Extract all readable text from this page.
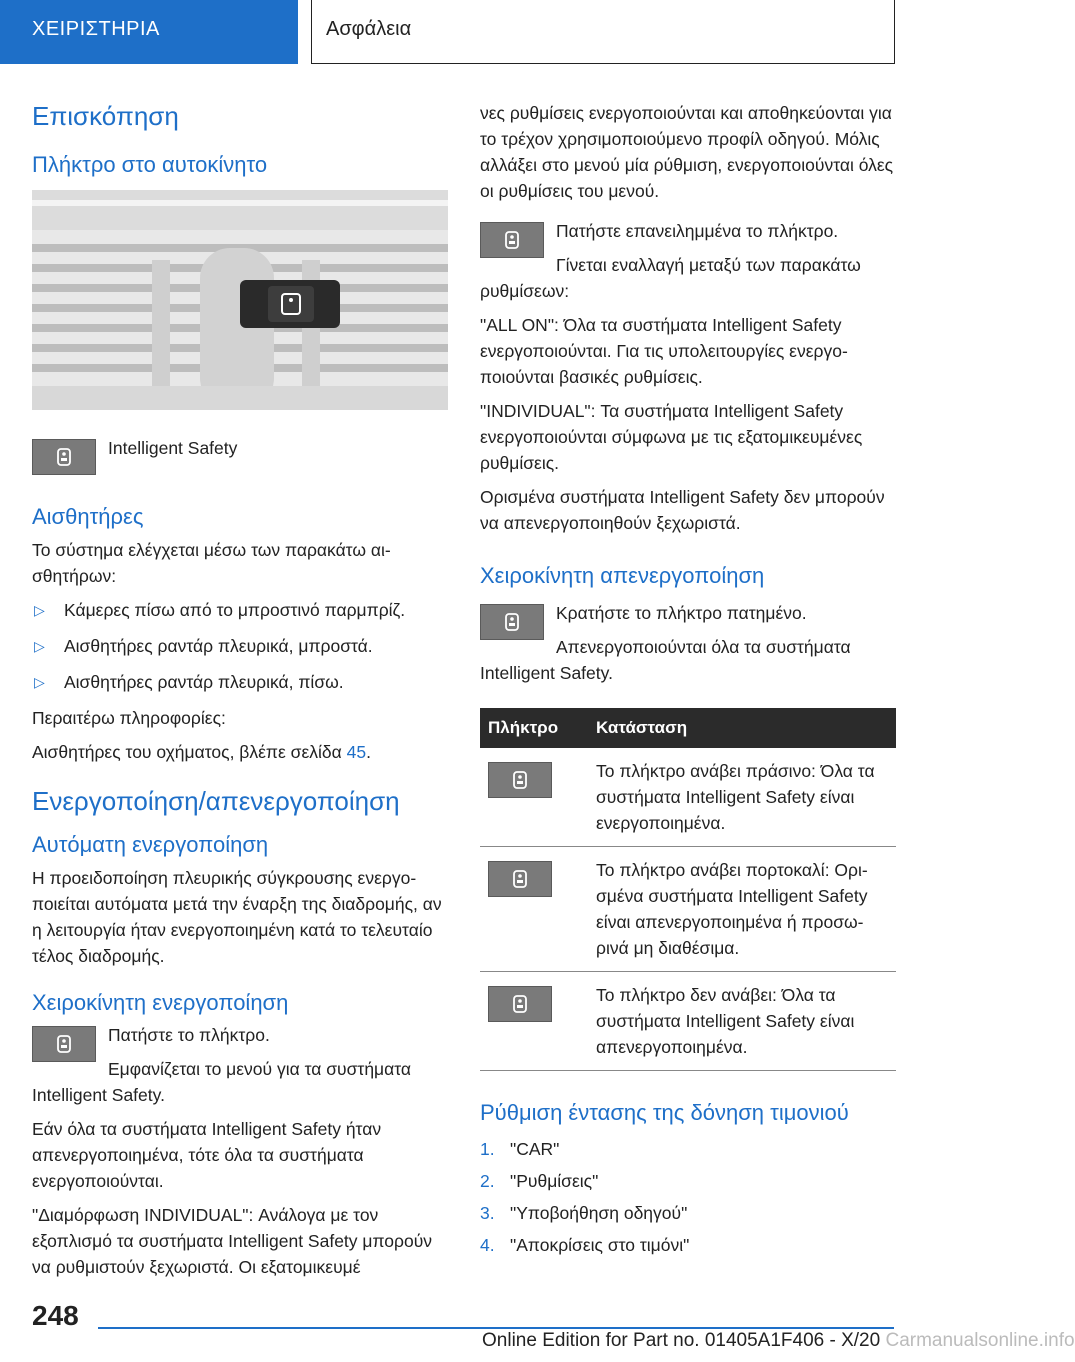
ΧΕΙΡΙΣΤΗΡΙΑ	Ασφάλεια
Επισκόπηση
Πλήκτρο στο αυτοκίνητο

Intelligent Safety

Αισθητήρες

Το σύστημα ελέγχεται μέσω των παρακάτω αισθητήρων:

▷ Κάμερες πίσω από το μπροστινό παρμπρίζ.
▷ Αισθητήρες ραντάρ πλευρικά, μπροστά.
▷ Αισθητήρες ραντάρ πλευρικά, πίσω.

Περαιτέρω πληροφορίες:

Αισθητήρες του οχήματος, βλέπε σελίδα 45.

Ενεργοποίηση/απενεργοποίηση
Αυτόματη ενεργοποίηση

Η προειδοποίηση πλευρικής σύγκρουσης ενεργοποιείται αυτόματα μετά την έναρξη της διαδρομής, αν η λειτουργία ήταν ενεργοποιημένη κατά το τελευταίο τέλος διαδρομής.

Χειροκίνητη ενεργοποίηση

Πατήστε το πλήκτρο.

Εμφανίζεται το μενού για τα συστήματα Intelligent Safety.

Εάν όλα τα συστήματα Intelligent Safety ήταν απενεργοποιημένα, τότε όλα τα συστήματα ενεργοποιούνται.

"Διαμόρφωση INDIVIDUAL": Ανάλογα με τον εξοπλισμό τα συστήματα Intelligent Safety μπορούν να ρυθμιστούν ξεχωριστά. Οι εξατομικευμέ

νες ρυθμίσεις ενεργοποιούνται και αποθηκεύονται για το τρέχον χρησιμοποιούμενο προφίλ οδηγού. Μόλις αλλάξει στο μενού μία ρύθμιση, ενεργοποιούνται όλες οι ρυθμίσεις του μενού.

Πατήστε επανειλημμένα το πλήκτρο.

Γίνεται εναλλαγή μεταξύ των παρακάτω ρυθμίσεων:

"ALL ON": Όλα τα συστήματα Intelligent Safety ενεργοποιούνται. Για τις υπολειτουργίες ενεργοποιούνται βασικές ρυθμίσεις.

"INDIVIDUAL": Τα συστήματα Intelligent Safety ενεργοποιούνται σύμφωνα με τις εξατομικευμένες ρυθμίσεις.

Ορισμένα συστήματα Intelligent Safety δεν μπορούν να απενεργοποιηθούν ξεχωριστά.

Χειροκίνητη απενεργοποίηση

Κρατήστε το πλήκτρο πατημένο.

Απενεργοποιούνται όλα τα συστήματα Intelligent Safety.

Πλήκτρο	Κατάσταση

	Το πλήκτρο ανάβει πράσινο: Όλα τα συστήματα Intelligent Safety είναι ενεργοποιημένα.

	Το πλήκτρο ανάβει πορτοκαλί: Ορισμένα συστήματα Intelligent Safety είναι απενεργοποιημένα ή προσωρινά μη διαθέσιμα.

	Το πλήκτρο δεν ανάβει: Όλα τα συστήματα Intelligent Safety είναι απενεργοποιημένα.
Ρύθμιση έντασης της δόνηση τιμονιού
1. "CAR"
2. "Ρυθμίσεις"
3. "Υποβοήθηση οδηγού"
4. "Αποκρίσεις στο τιμόνι"
248
Online Edition for Part no. 01405A1F406 - X/20 Carmanualsonline.info
